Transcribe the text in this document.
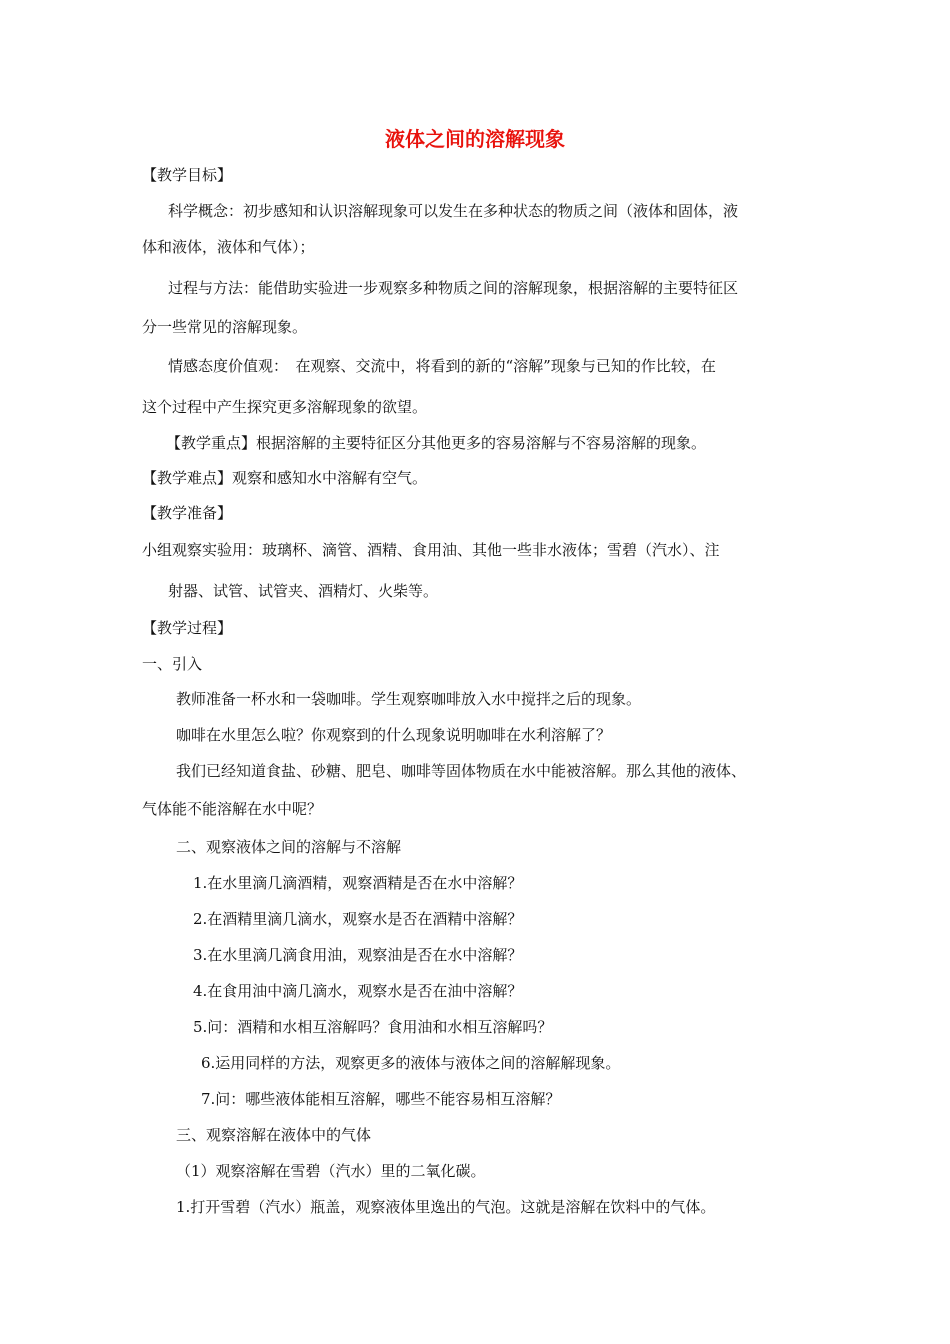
液体之间的溶解现象
【教学目标】
科学概念：初步感知和认识溶解现象可以发生在多种状态的物质之间（液体和固体，液
体和液体，液体和气体）；
过程与方法：能借助实验进一步观察多种物质之间的溶解现象，根据溶解的主要特征区
分一些常见的溶解现象。
情感态度价值观：　在观察、交流中，将看到的新的“溶解”现象与已知的作比较，在
这个过程中产生探究更多溶解现象的欲望。
【教学重点】根据溶解的主要特征区分其他更多的容易溶解与不容易溶解的现象。
【教学难点】观察和感知水中溶解有空气。
【教学准备】
小组观察实验用：玻璃杯、滴管、酒精、食用油、其他一些非水液体；雪碧（汽水）、注
射器、试管、试管夹、酒精灯、火柴等。
【教学过程】
一、引入
教师准备一杯水和一袋咖啡。学生观察咖啡放入水中搅拌之后的现象。
咖啡在水里怎么啦？你观察到的什么现象说明咖啡在水利溶解了？
我们已经知道食盐、砂糖、肥皂、咖啡等固体物质在水中能被溶解。那么其他的液体、
气体能不能溶解在水中呢？
二、观察液体之间的溶解与不溶解
1.在水里滴几滴酒精，观察酒精是否在水中溶解？
2.在酒精里滴几滴水，观察水是否在酒精中溶解？
3.在水里滴几滴食用油，观察油是否在水中溶解？
4.在食用油中滴几滴水，观察水是否在油中溶解？
5.问：酒精和水相互溶解吗？食用油和水相互溶解吗？
6.运用同样的方法，观察更多的液体与液体之间的溶解解现象。
7.问：哪些液体能相互溶解，哪些不能容易相互溶解？
三、观察溶解在液体中的气体
（1）观察溶解在雪碧（汽水）里的二氧化碳。
1.打开雪碧（汽水）瓶盖，观察液体里逸出的气泡。这就是溶解在饮料中的气体。
